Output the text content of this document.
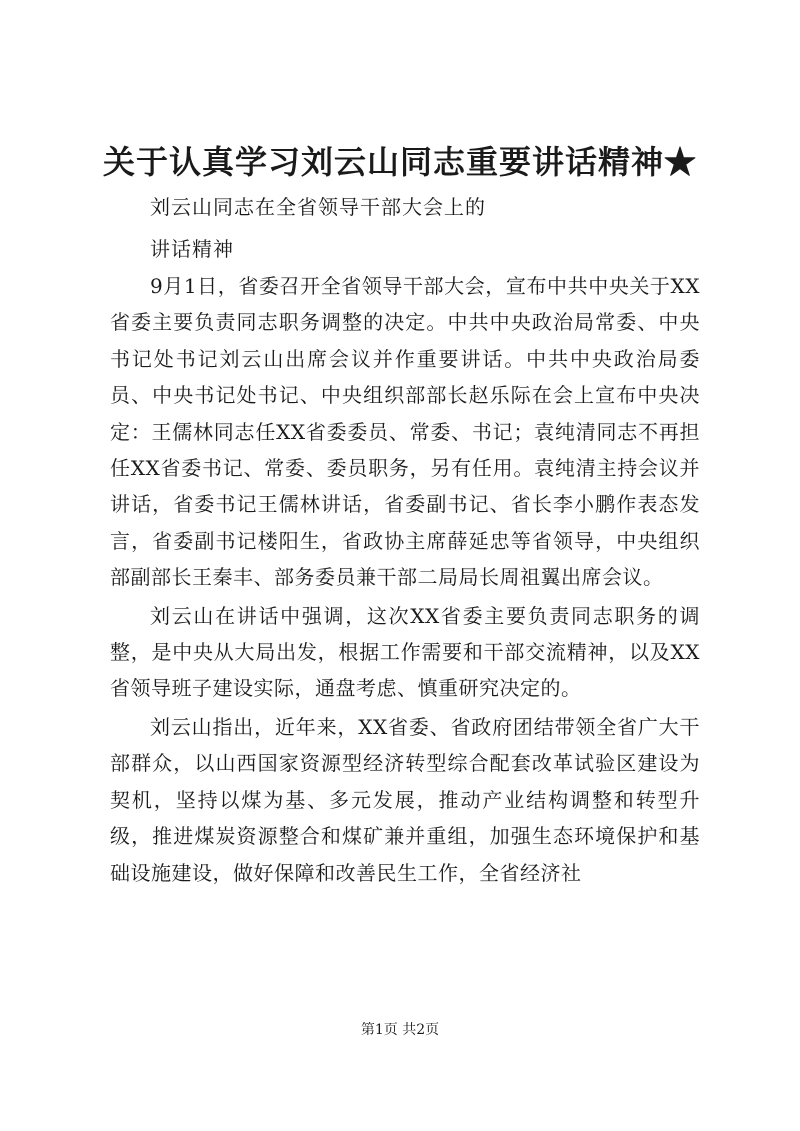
关于认真学习刘云山同志重要讲话精神★
刘云山同志在全省领导干部大会上的
讲话精神

9月1日，省委召开全省领导干部大会，宣布中共中央关于XX省委主要负责同志职务调整的决定。中共中央政治局常委、中央书记处书记刘云山出席会议并作重要讲话。中共中央政治局委员、中央书记处书记、中央组织部部长赵乐际在会上宣布中央决定：王儒林同志任XX省委委员、常委、书记；袁纯清同志不再担任XX省委书记、常委、委员职务，另有任用。袁纯清主持会议并讲话，省委书记王儒林讲话，省委副书记、省长李小鹏作表态发言，省委副书记楼阳生，省政协主席薛延忠等省领导，中央组织部副部长王秦丰、部务委员兼干部二局局长周祖翼出席会议。

刘云山在讲话中强调，这次XX省委主要负责同志职务的调整，是中央从大局出发，根据工作需要和干部交流精神，以及XX省领导班子建设实际，通盘考虑、慎重研究决定的。

刘云山指出，近年来，XX省委、省政府团结带领全省广大干部群众，以山西国家资源型经济转型综合配套改革试验区建设为契机，坚持以煤为基、多元发展，推动产业结构调整和转型升级，推进煤炭资源整合和煤矿兼并重组，加强生态环境保护和基础设施建设，做好保障和改善民生工作，全省经济社

第1页 共2页
